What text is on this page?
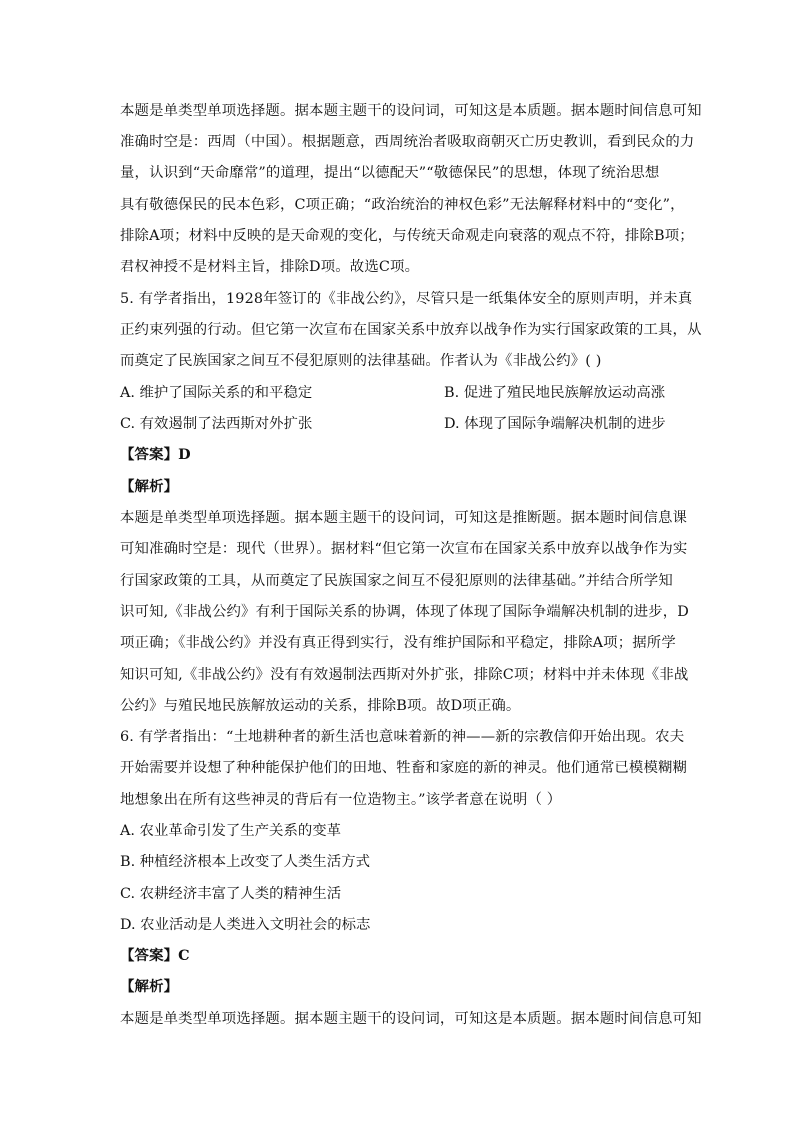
本题是单类型单项选择题。据本题主题干的设问词，可知这是本质题。据本题时间信息可知
准确时空是：西周（中国）。根据题意，西周统治者吸取商朝灭亡历史教训，看到民众的力
量，认识到“天命靡常”的道理，提出“以德配天”“敬德保民”的思想，体现了统治思想
具有敬德保民的民本色彩，C项正确；“政治统治的神权色彩”无法解释材料中的“变化”，
排除A项；材料中反映的是天命观的变化，与传统天命观走向衰落的观点不符，排除B项；
君权神授不是材料主旨，排除D项。故选C项。
5. 有学者指出，1928年签订的《非战公约》，尽管只是一纸集体安全的原则声明，并未真
正约束列强的行动。但它第一次宣布在国家关系中放弃以战争作为实行国家政策的工具，从
而奠定了民族国家之间互不侵犯原则的法律基础。作者认为《非战公约》( )
A. 维护了国际关系的和平稳定	B. 促进了殖民地民族解放运动高涨
C. 有效遏制了法西斯对外扩张	D. 体现了国际争端解决机制的进步
【答案】D
【解析】
本题是单类型单项选择题。据本题主题干的设问词，可知这是推断题。据本题时间信息课
可知准确时空是：现代（世界）。据材料“但它第一次宣布在国家关系中放弃以战争作为实
行国家政策的工具，从而奠定了民族国家之间互不侵犯原则的法律基础。”并结合所学知
识可知,《非战公约》有利于国际关系的协调，体现了体现了国际争端解决机制的进步，D
项正确；《非战公约》并没有真正得到实行，没有维护国际和平稳定，排除A项；据所学
知识可知,《非战公约》没有有效遏制法西斯对外扩张，排除C项；材料中并未体现《非战
公约》与殖民地民族解放运动的关系，排除B项。故D项正确。
6. 有学者指出：“土地耕种者的新生活也意味着新的神——新的宗教信仰开始出现。农夫
开始需要并设想了种种能保护他们的田地、牲畜和家庭的新的神灵。他们通常已模模糊糊
地想象出在所有这些神灵的背后有一位造物主。”该学者意在说明（ ）
A. 农业革命引发了生产关系的变革
B. 种植经济根本上改变了人类生活方式
C. 农耕经济丰富了人类的精神生活
D. 农业活动是人类进入文明社会的标志
【答案】C
【解析】
本题是单类型单项选择题。据本题主题干的设问词，可知这是本质题。据本题时间信息可知
